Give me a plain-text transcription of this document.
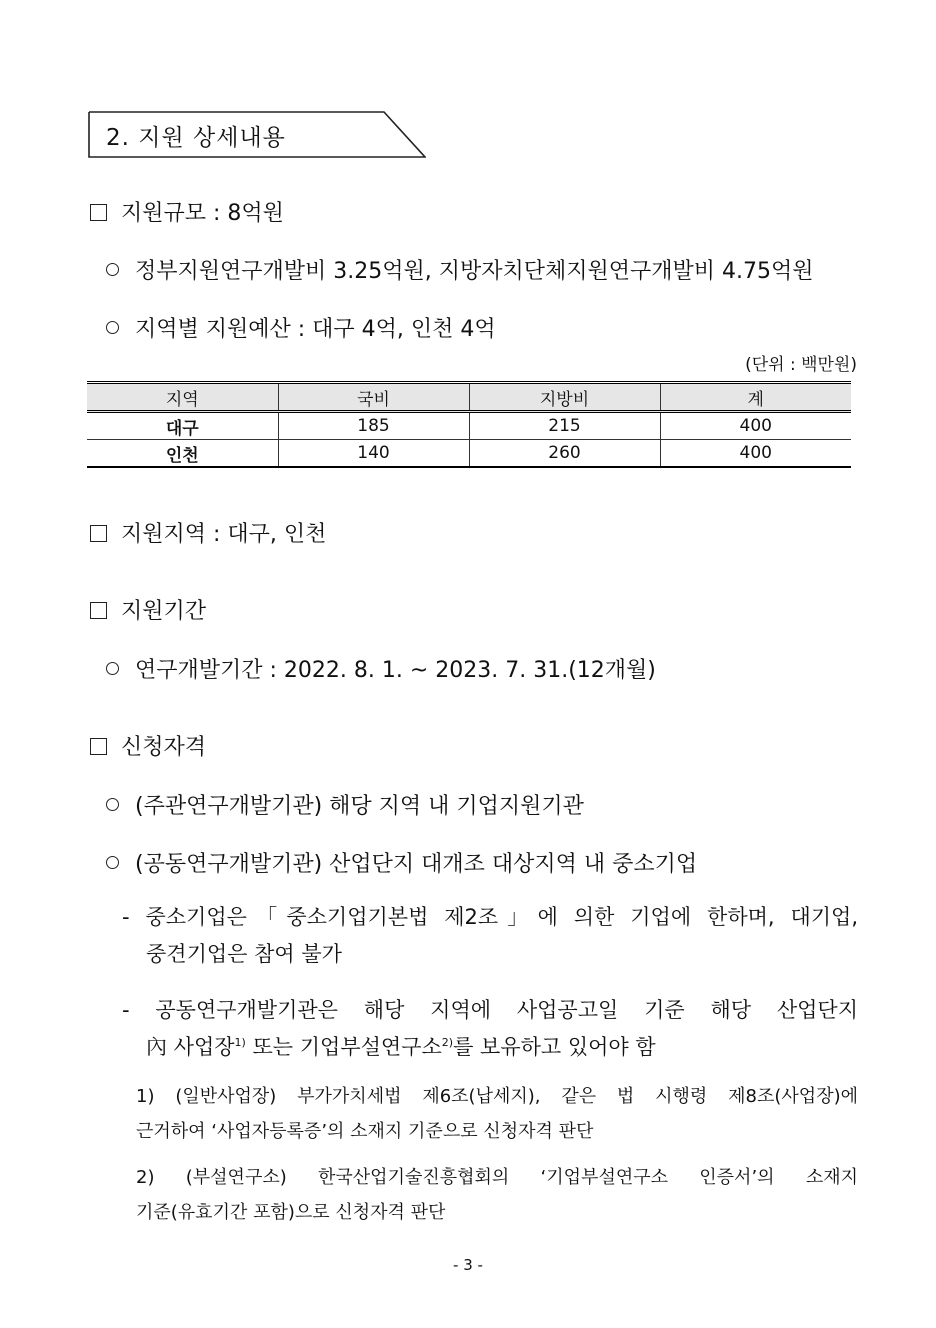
2. 지원 상세내용
지원규모 : 8억원
정부지원연구개발비 3.25억원, 지방자치단체지원연구개발비 4.75억원
지역별 지원예산 : 대구 4억, 인천 4억
(단위 : 백만원)
지역	국비	지방비	계
대구	185	215	400
인천	140	260	400
지원지역 : 대구, 인천
지원기간
연구개발기간 : 2022. 8. 1. ~ 2023. 7. 31.(12개월)
신청자격
(주관연구개발기관) 해당 지역 내 기업지원기관
(공동연구개발기관) 산업단지 대개조 대상지역 내 중소기업
- 중소기업은「중소기업기본법 제2조」에 의한 기업에 한하며, 대기업,
중견기업은 참여 불가
- 공동연구개발기관은 해당 지역에 사업공고일 기준 해당 산업단지
內 사업장$^{1)}$ 또는 기업부설연구소$^{2)}$를 보유하고 있어야 함
1) (일반사업장) 부가가치세법 제6조(납세지), 같은 법 시행령 제8조(사업장)에
근거하여 ‘사업자등록증’의 소재지 기준으로 신청자격 판단
2) (부설연구소) 한국산업기술진흥협회의 ‘기업부설연구소 인증서’의 소재지
기준(유효기간 포함)으로 신청자격 판단
- 3 -
